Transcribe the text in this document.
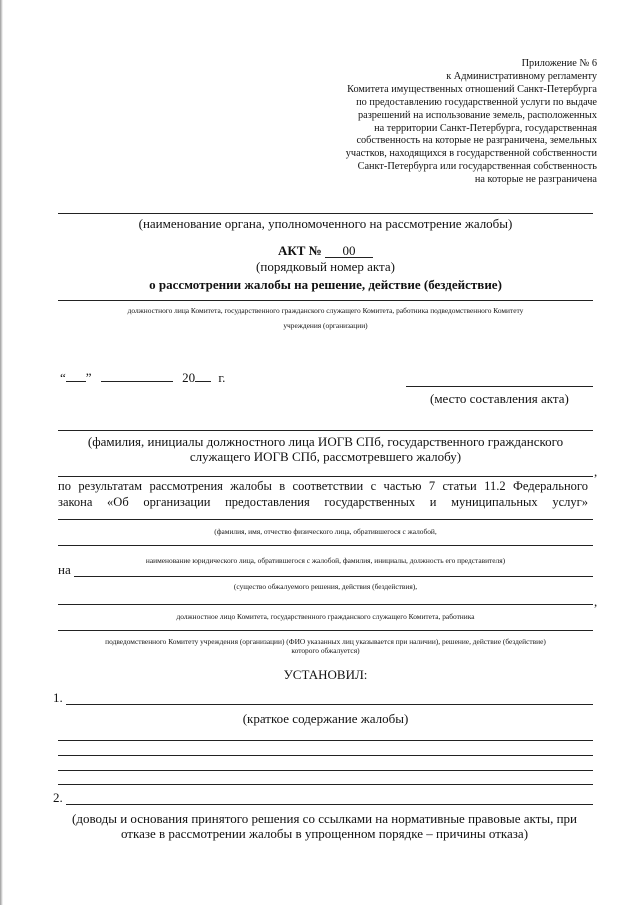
Приложение № 6
к Административному регламенту
Комитета имущественных отношений Санкт-Петербурга
по предоставлению государственной услуги по выдаче
разрешений на использование земель, расположенных
на территории Санкт-Петербурга, государственная
собственность на которые не разграничена, земельных
участков, находящихся в государственной собственности
Санкт-Петербурга или государственная собственность
на которые не разграничена
(наименование органа, уполномоченного на рассмотрение жалобы)
АКТ № 00
(порядковый номер акта)
о рассмотрении жалобы на решение, действие (бездействие)
должностного лица Комитета, государственного гражданского служащего Комитета, работника подведомственного Комитету
учреждения (организации)
“ ”	20 г.
(место составления акта)
(фамилия, инициалы должностного лица ИОГВ СПб, государственного гражданского служащего ИОГВ СПб, рассмотревшего жалобу)
,
по результатам рассмотрения жалобы в соответствии с частью 7 статьи 11.2 Федерального
закона «Об организации предоставления государственных и муниципальных услуг»
(фамилия, имя, отчество физического лица, обратившегося с жалобой,
наименование юридического лица, обратившегося с жалобой, фамилия, инициалы, должность его представителя)
на
(существо обжалуемого решения, действия (бездействия),
,
должностное лицо Комитета, государственного гражданского служащего Комитета, работника
подведомственного Комитету учреждения (организации) (ФИО указанных лиц указывается при наличии), решение, действие (бездействие)
которого обжалуется)
УСТАНОВИЛ:
1.
(краткое содержание жалобы)
2.
(доводы и основания принятого решения со ссылками на нормативные правовые акты, при отказе в рассмотрении жалобы в упрощенном порядке – причины отказа)
